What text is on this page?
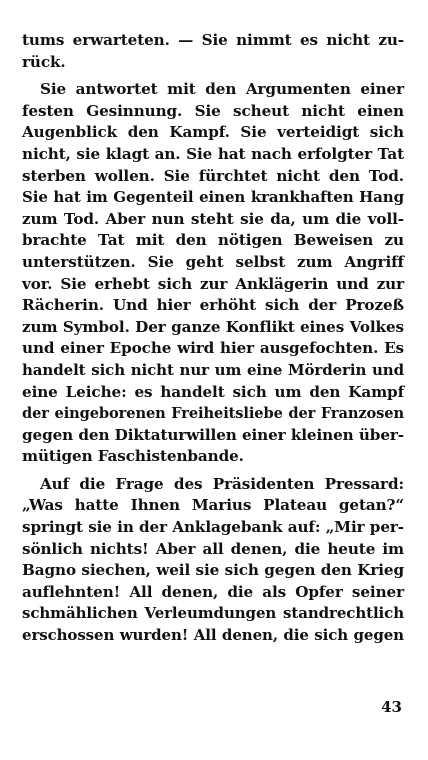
tums erwarteten. — Sie nimmt es nicht zu-
rück.
Sie antwortet mit den Argumenten einer
festen Gesinnung. Sie scheut nicht einen
Augenblick den Kampf. Sie verteidigt sich
nicht, sie klagt an. Sie hat nach erfolgter Tat
sterben wollen. Sie fürchtet nicht den Tod.
Sie hat im Gegenteil einen krankhaften Hang
zum Tod. Aber nun steht sie da, um die voll-
brachte Tat mit den nötigen Beweisen zu
unterstützen. Sie geht selbst zum Angriff
vor. Sie erhebt sich zur Anklägerin und zur
Rächerin. Und hier erhöht sich der Prozeß
zum Symbol. Der ganze Konflikt eines Volkes
und einer Epoche wird hier ausgefochten. Es
handelt sich nicht nur um eine Mörderin und
eine Leiche: es handelt sich um den Kampf
der eingeborenen Freiheitsliebe der Franzosen
gegen den Diktaturwillen einer kleinen über-
mütigen Faschistenbande.
Auf die Frage des Präsidenten Pressard:
„Was hatte Ihnen Marius Plateau getan?“
springt sie in der Anklagebank auf: „Mir per-
sönlich nichts! Aber all denen, die heute im
Bagno siechen, weil sie sich gegen den Krieg
auflehnten! All denen, die als Opfer seiner
schmählichen Verleumdungen standrechtlich
erschossen wurden! All denen, die sich gegen
43
